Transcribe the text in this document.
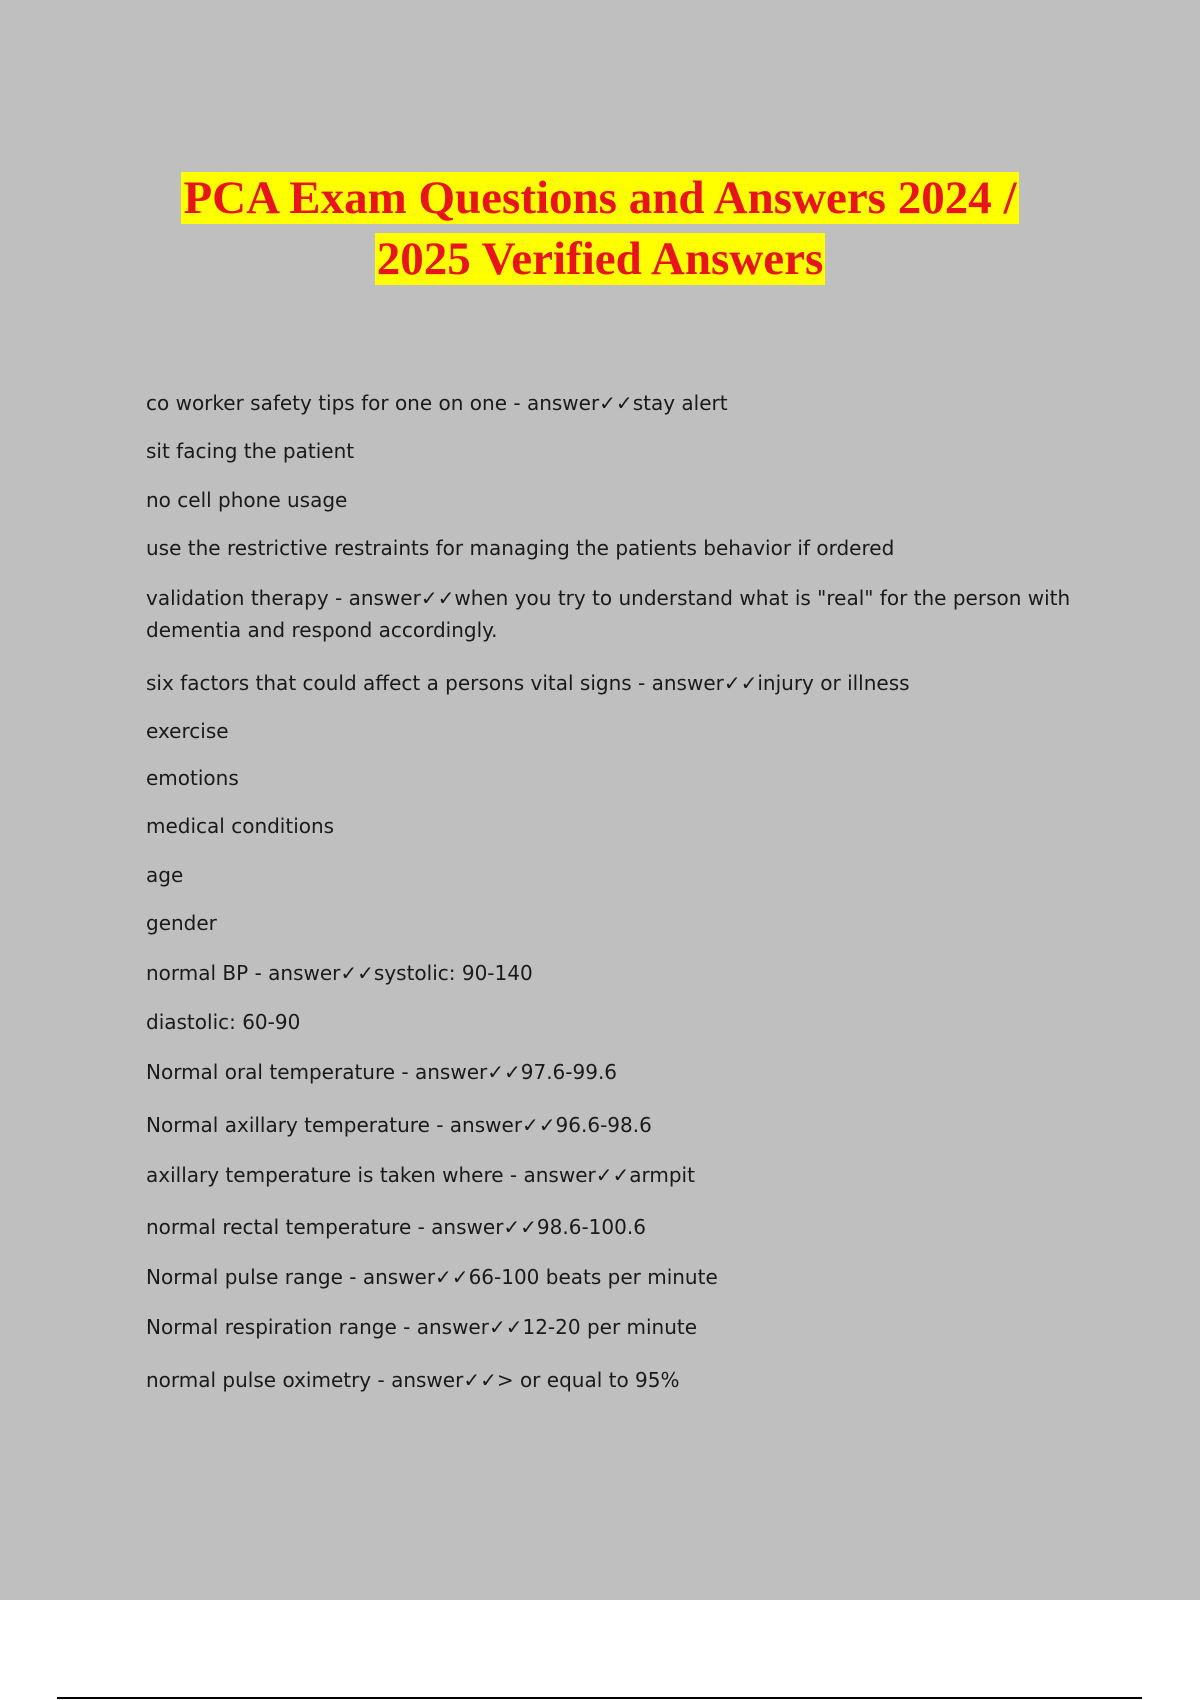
PCA Exam Questions and Answers 2024 /
2025 Verified Answers
co worker safety tips for one on one - answer✓✓stay alert
sit facing the patient
no cell phone usage
use the restrictive restraints for managing the patients behavior if ordered
validation therapy - answer✓✓when you try to understand what is "real" for the person with dementia and respond accordingly.
six factors that could affect a persons vital signs - answer✓✓injury or illness
exercise
emotions
medical conditions
age
gender
normal BP - answer✓✓systolic: 90-140
diastolic: 60-90
Normal oral temperature - answer✓✓97.6-99.6
Normal axillary temperature - answer✓✓96.6-98.6
axillary temperature is taken where - answer✓✓armpit
normal rectal temperature - answer✓✓98.6-100.6
Normal pulse range - answer✓✓66-100 beats per minute
Normal respiration range - answer✓✓12-20 per minute
normal pulse oximetry - answer✓✓> or equal to 95%
